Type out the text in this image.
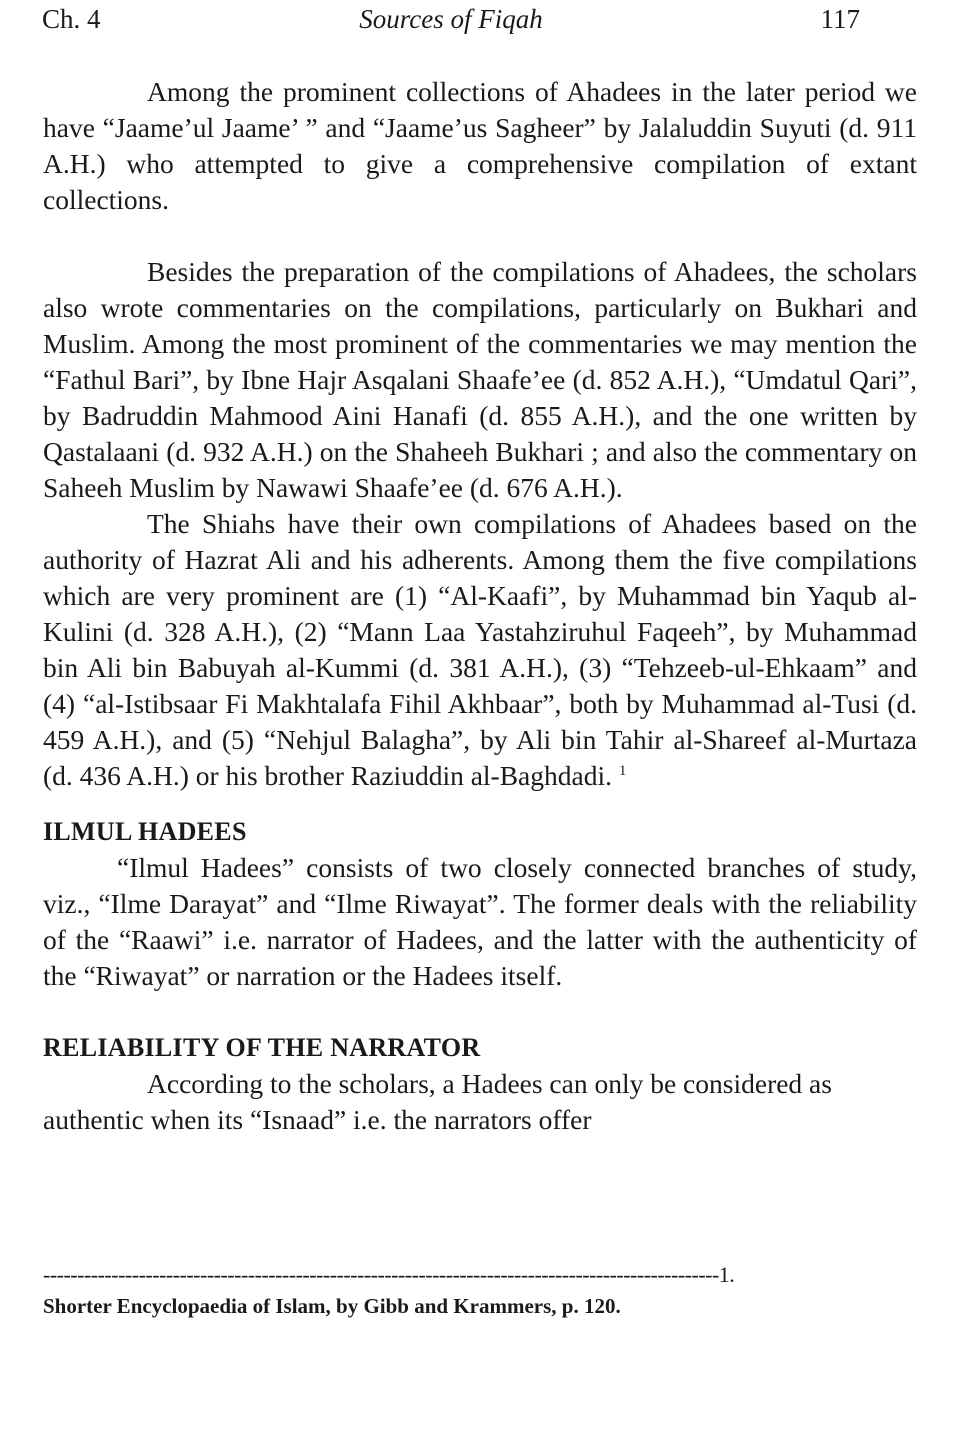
Ch. 4	Sources of Fiqah	117

Among the prominent collections of Ahadees in the later period we have “Jaame’ul Jaame’ ” and “Jaame’us Sagheer” by Jalaluddin Suyuti (d. 911 A.H.) who attempted to give a comprehensive compilation of extant collections.

Besides the preparation of the compilations of Ahadees, the scholars also wrote commentaries on the compilations, particularly on Bukhari and Muslim. Among the most prominent of the commentaries we may mention the “Fathul Bari”, by Ibne Hajr Asqalani Shaafe’ee (d. 852 A.H.), “Umdatul Qari”, by Badruddin Mahmood Aini Hanafi (d. 855 A.H.), and the one written by Qastalaani (d. 932 A.H.) on the Shaheeh Bukhari ; and also the commentary on Saheeh Muslim by Nawawi Shaafe’ee (d. 676 A.H.).

The Shiahs have their own compilations of Ahadees based on the authority of Hazrat Ali and his adherents. Among them the five compilations which are very prominent are (1) “Al-Kaafi”, by Muhammad bin Yaqub al-Kulini (d. 328 A.H.), (2) “Mann Laa Yastahziruhul Faqeeh”, by Muhammad bin Ali bin Babuyah al-Kummi (d. 381 A.H.), (3) “Tehzeeb-ul-Ehkaam” and (4) “al-Istibsaar Fi Makhtalafa Fihil Akhbaar”, both by Muhammad al-Tusi (d. 459 A.H.), and (5) “Nehjul Balagha”, by Ali bin Tahir al-Shareef al-Murtaza (d. 436 A.H.) or his brother Raziuddin al-Baghdadi. $^1$

ILMUL HADEES

“Ilmul Hadees” consists of two closely connected branches of study, viz., “Ilme Darayat” and “Ilme Riwayat”. The former deals with the reliability of the “Raawi” i.e. narrator of Hadees, and the latter with the authenticity of the “Riwayat” or narration or the Hadees itself.

RELIABILITY OF THE NARRATOR

According to the scholars, a Hadees can only be considered as authentic when its “Isnaad” i.e. the narrators offer

---------------------------------------------------------------------------------------------------1.
Shorter Encyclopaedia of Islam, by Gibb and Krammers, p. 120.
